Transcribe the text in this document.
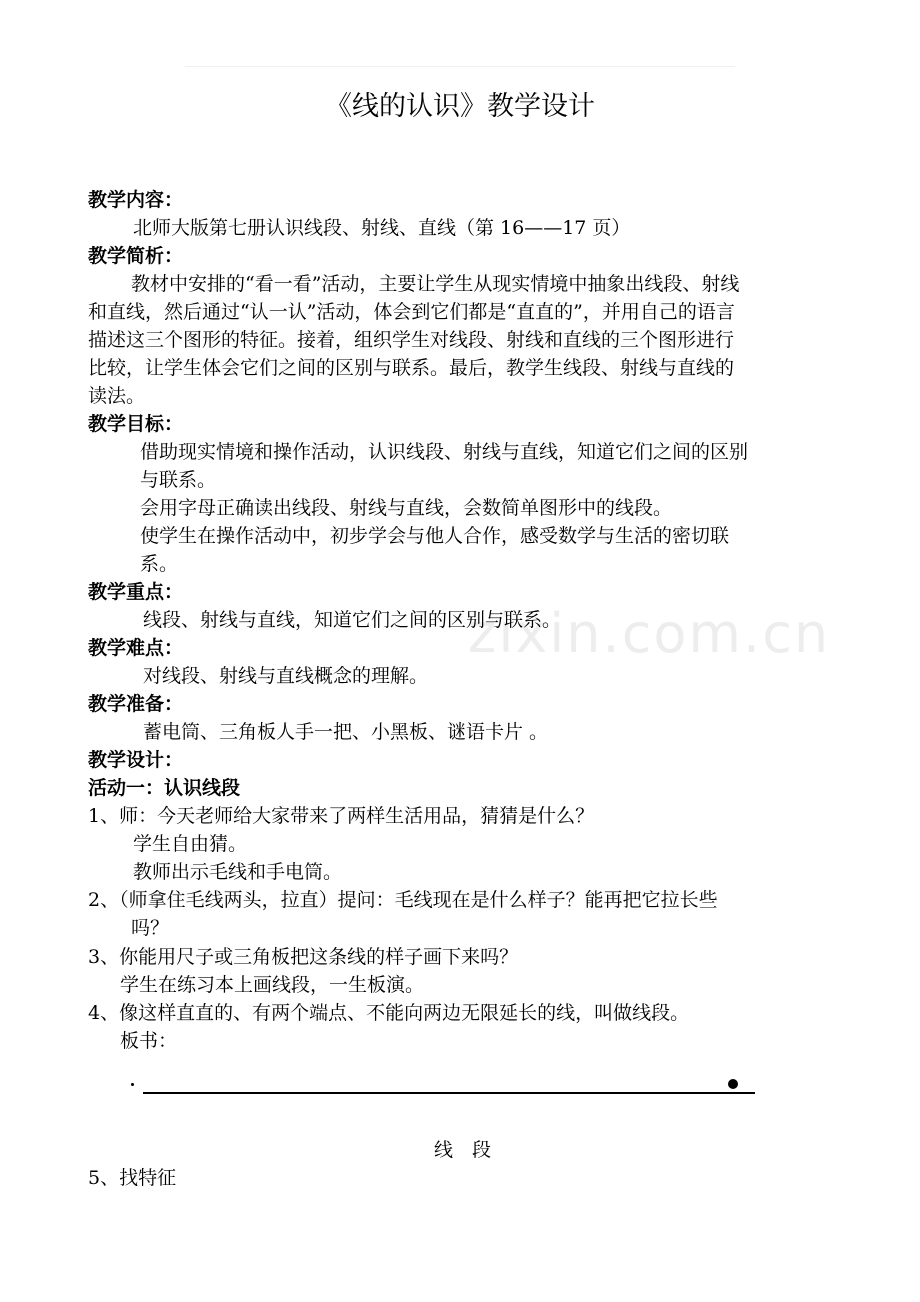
《线的认识》教学设计
教学内容：
北师大版第七册认识线段、射线、直线（第 16——17 页）
教学简析：
教材中安排的“看一看”活动，主要让学生从现实情境中抽象出线段、射线
和直线，然后通过“认一认”活动，体会到它们都是“直直的”，并用自己的语言
描述这三个图形的特征。接着，组织学生对线段、射线和直线的三个图形进行
比较，让学生体会它们之间的区别与联系。最后，教学生线段、射线与直线的
读法。
教学目标：
借助现实情境和操作活动，认识线段、射线与直线，知道它们之间的区别
与联系。
会用字母正确读出线段、射线与直线，会数简单图形中的线段。
使学生在操作活动中，初步学会与他人合作，感受数学与生活的密切联
系。
教学重点：
线段、射线与直线，知道它们之间的区别与联系。
教学难点：
对线段、射线与直线概念的理解。
教学准备：
蓄电筒、三角板人手一把、小黑板、谜语卡片 。
教学设计：
活动一：认识线段
1、师：今天老师给大家带来了两样生活用品，猜猜是什么？
学生自由猜。
教师出示毛线和手电筒。
2、（师拿住毛线两头，拉直）提问：毛线现在是什么样子？能再把它拉长些
吗？
3、你能用尺子或三角板把这条线的样子画下来吗？
学生在练习本上画线段，一生板演。
4、像这样直直的、有两个端点、不能向两边无限延长的线，叫做线段。
板书：
zixin.com.cn
线　段
5、找特征
